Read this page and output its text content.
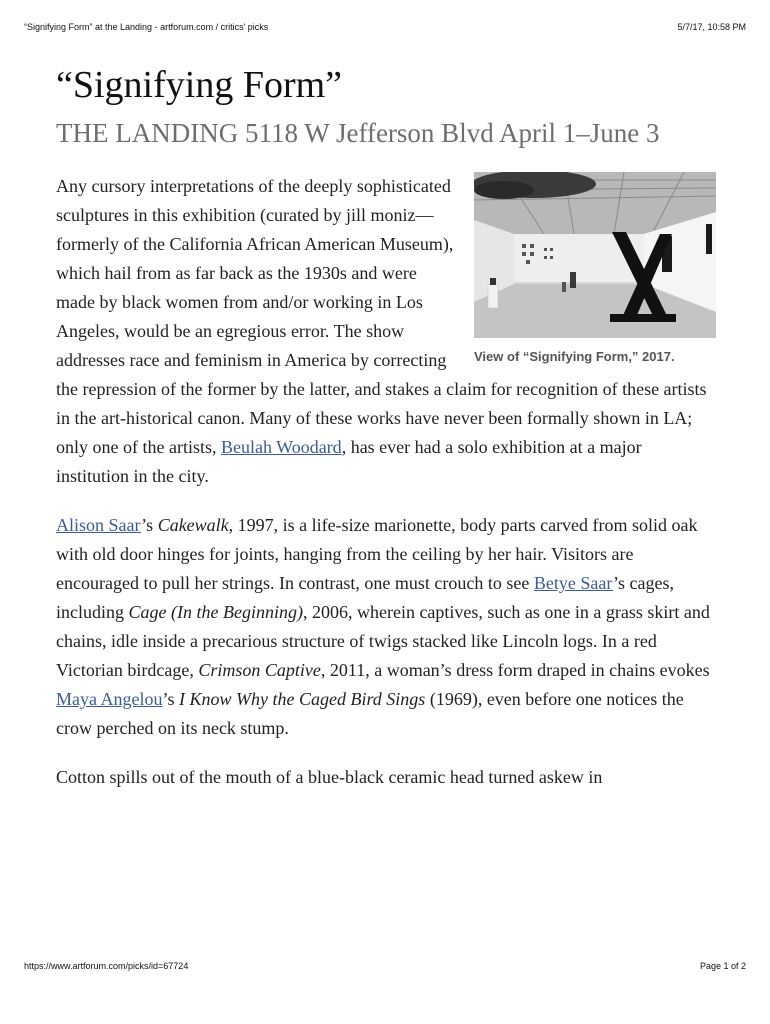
“Signifying Form” at the Landing - artforum.com / critics' picks	5/7/17, 10:58 PM
“Signifying Form”
THE LANDING 5118 W Jefferson Blvd April 1–June 3
View of “Signifying Form,” 2017.

Any cursory interpretations of the deeply sophisticated sculptures in this exhibition (curated by jill moniz—formerly of the California African American Museum), which hail from as far back as the 1930s and were made by black women from and/or working in Los Angeles, would be an egregious error. The show addresses race and feminism in America by correcting the repression of the former by the latter, and stakes a claim for recognition of these artists in the art-historical canon. Many of these works have never been formally shown in LA; only one of the artists, Beulah Woodard, has ever had a solo exhibition at a major institution in the city.

Alison Saar’s Cakewalk, 1997, is a life-size marionette, body parts carved from solid oak with old door hinges for joints, hanging from the ceiling by her hair. Visitors are encouraged to pull her strings. In contrast, one must crouch to see Betye Saar’s cages, including Cage (In the Beginning), 2006, wherein captives, such as one in a grass skirt and chains, idle inside a precarious structure of twigs stacked like Lincoln logs. In a red Victorian birdcage, Crimson Captive, 2011, a woman’s dress form draped in chains evokes Maya Angelou’s I Know Why the Caged Bird Sings (1969), even before one notices the crow perched on its neck stump.

Cotton spills out of the mouth of a blue-black ceramic head turned askew in

https://www.artforum.com/picks/id=67724	Page 1 of 2
